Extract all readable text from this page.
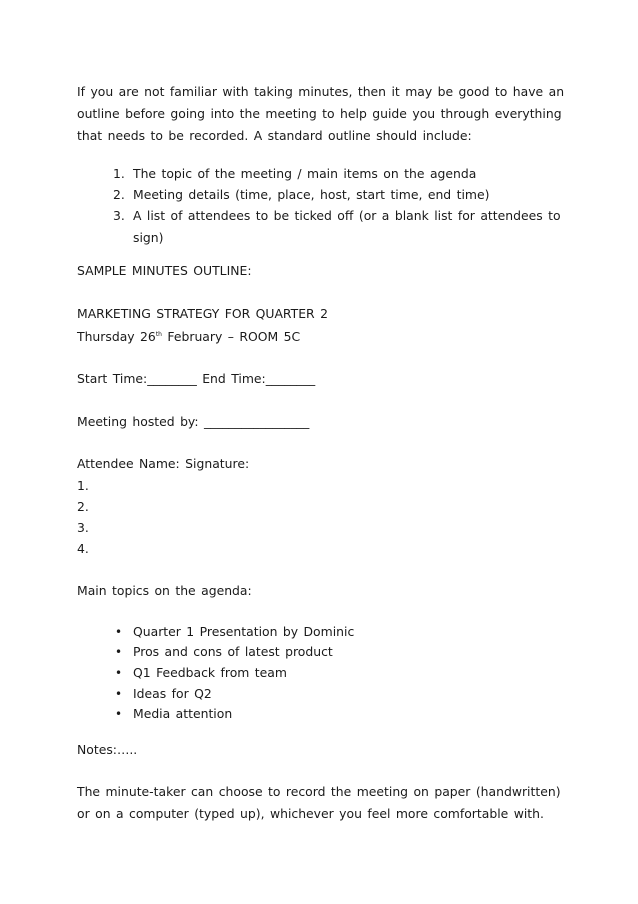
If you are not familiar with taking minutes, then it may be good to have an
outline before going into the meeting to help guide you through everything
that needs to be recorded. A standard outline should include:
1. The topic of the meeting / main items on the agenda
2. Meeting details (time, place, host, start time, end time)
3. A list of attendees to be ticked off (or a blank list for attendees to
sign)
SAMPLE MINUTES OUTLINE:
MARKETING STRATEGY FOR QUARTER 2
Thursday 26th February – ROOM 5C
Start Time:________ End Time:________
Meeting hosted by: _________________
Attendee Name: Signature:
1.
2.
3.
4.
Main topics on the agenda:
• Quarter 1 Presentation by Dominic
• Pros and cons of latest product
• Q1 Feedback from team
• Ideas for Q2
• Media attention
Notes:…..
The minute-taker can choose to record the meeting on paper (handwritten)
or on a computer (typed up), whichever you feel more comfortable with.
